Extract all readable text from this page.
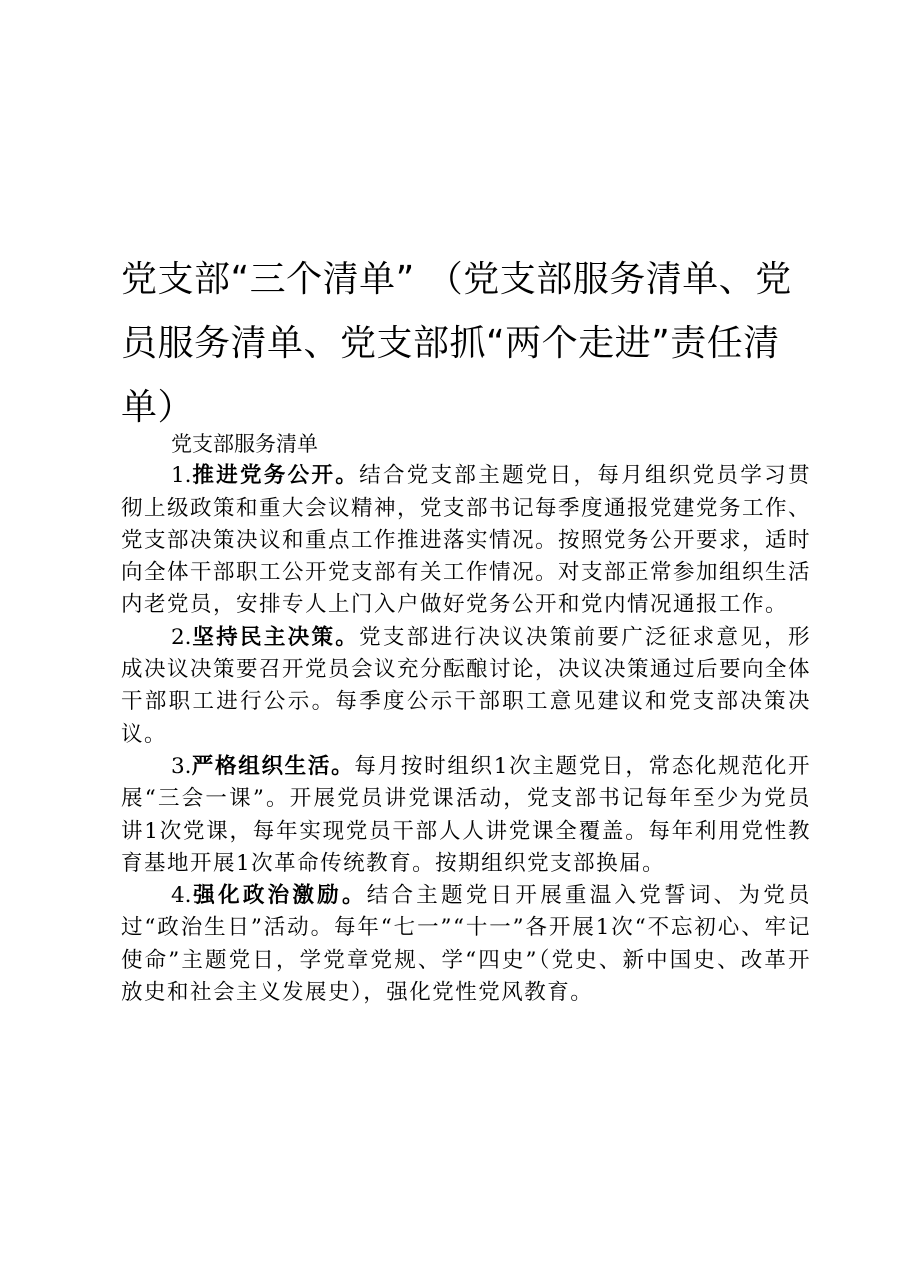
党支部“三个清单” （党支部服务清单、党员服务清单、党支部抓“两个走进”责任清单）

党支部服务清单

1.推进党务公开。结合党支部主题党日，每月组织党员学习贯彻上级政策和重大会议精神，党支部书记每季度通报党建党务工作、党支部决策决议和重点工作推进落实情况。按照党务公开要求，适时向全体干部职工公开党支部有关工作情况。对支部正常参加组织生活内老党员，安排专人上门入户做好党务公开和党内情况通报工作。

2.坚持民主决策。党支部进行决议决策前要广泛征求意见，形成决议决策要召开党员会议充分酝酿讨论，决议决策通过后要向全体干部职工进行公示。每季度公示干部职工意见建议和党支部决策决议。

3.严格组织生活。每月按时组织1次主题党日，常态化规范化开展“三会一课”。开展党员讲党课活动，党支部书记每年至少为党员讲1次党课，每年实现党员干部人人讲党课全覆盖。每年利用党性教育基地开展1次革命传统教育。按期组织党支部换届。

4.强化政治激励。结合主题党日开展重温入党誓词、为党员过“政治生日”活动。每年“七一”“十一”各开展1次“不忘初心、牢记使命”主题党日，学党章党规、学“四史”（党史、新中国史、改革开放史和社会主义发展史），强化党性党风教育。
